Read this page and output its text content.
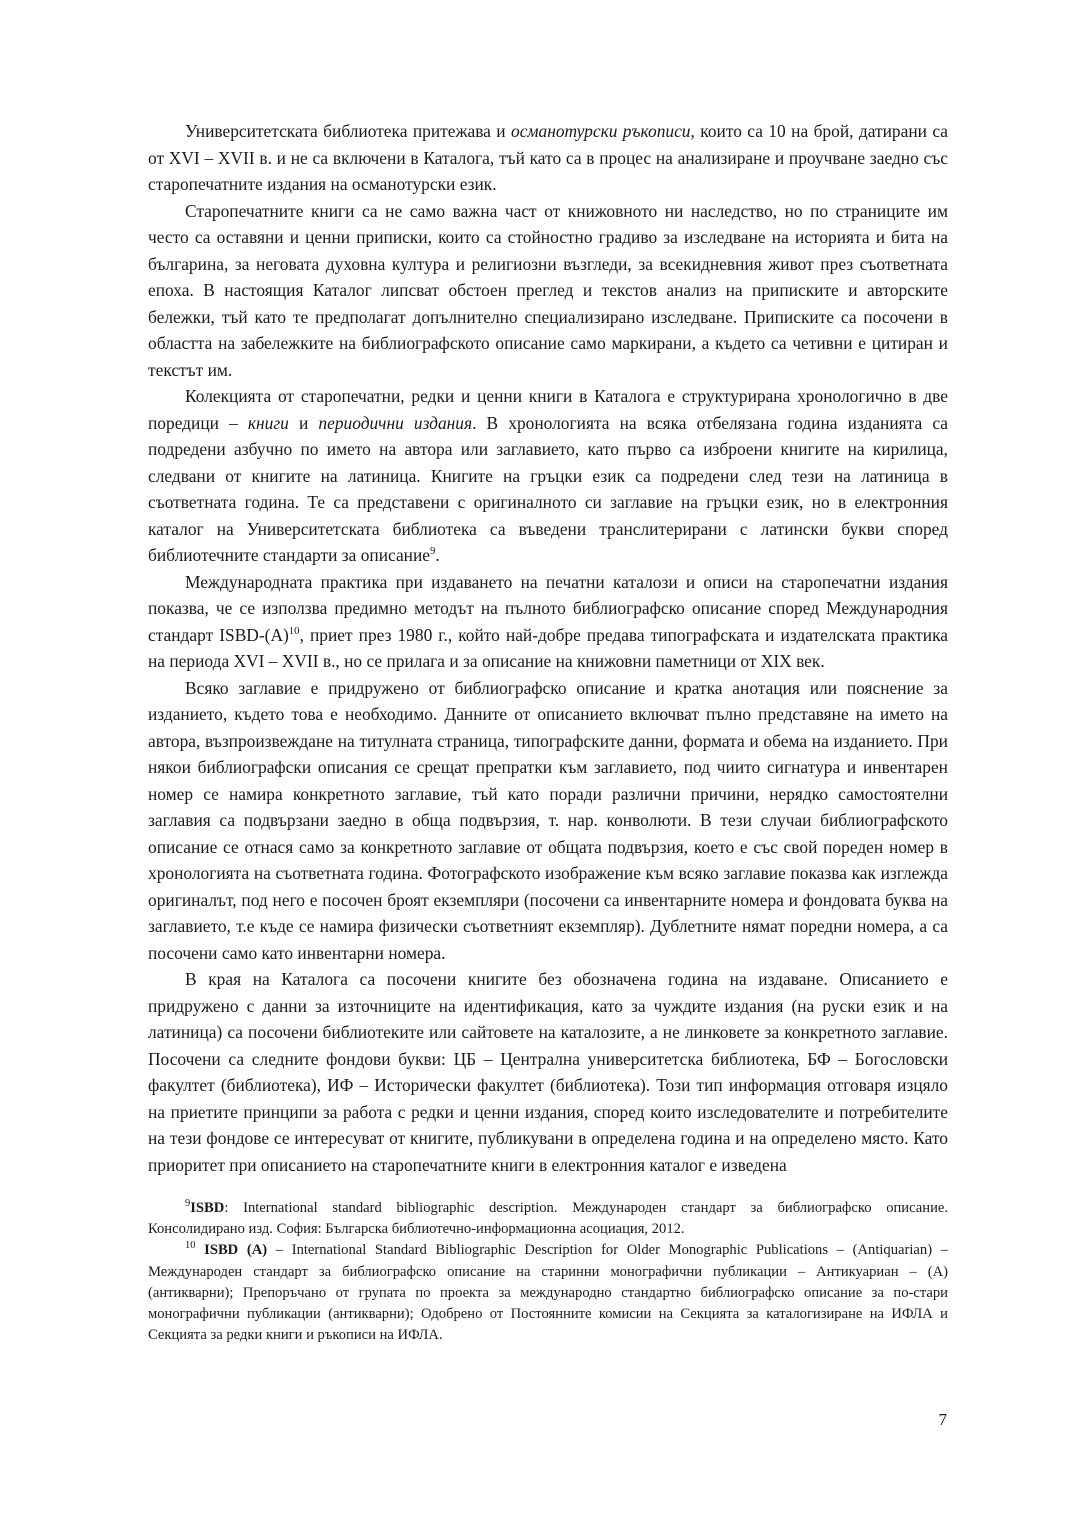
Университетската библиотека притежава и османотурски ръкописи, които са 10 на брой, датирани са от XVI – XVII в. и не са включени в Каталога, тъй като са в процес на анализиране и проучване заедно със старопечатните издания на османотурски език.

Старопечатните книги са не само важна част от книжовното ни наследство, но по страниците им често са оставяни и ценни приписки, които са стойностно градиво за изследване на историята и бита на българина, за неговата духовна култура и религиозни възгледи, за всекидневния живот през съответната епоха. В настоящия Каталог липсват обстоен преглед и текстов анализ на приписките и авторските бележки, тъй като те предполагат допълнително специализирано изследване. Приписките са посочени в областта на забележките на библиографското описание само маркирани, а където са четивни е цитиран и текстът им.

Колекцията от старопечатни, редки и ценни книги в Каталога е структурирана хронологично в две поредици – книги и периодични издания. В хронологията на всяка отбелязана година изданията са подредени азбучно по името на автора или заглавието, като първо са изброени книгите на кирилица, следвани от книгите на латиница. Книгите на гръцки език са подредени след тези на латиница в съответната година. Те са представени с оригиналното си заглавие на гръцки език, но в електронния каталог на Университетската библиотека са въведени транслитерирани с латински букви според библиотечните стандарти за описание$^9$.

Международната практика при издаването на печатни каталози и описи на старопечатни издания показва, че се използва предимно методът на пълното библиографско описание според Международния стандарт ISBD-$(А)^{10}$, приет през 1980 г., който най-добре предава типографската и издателската практика на периода XVI – XVII в., но се прилага и за описание на книжовни паметници от XIX век.

Всяко заглавие е придружено от библиографско описание и кратка анотация или пояснение за изданието, където това е необходимо. Данните от описанието включват пълно представяне на името на автора, възпроизвеждане на титулната страница, типографските данни, формата и обема на изданието. При някои библиографски описания се срещат препратки към заглавието, под чиито сигнатура и инвентарен номер се намира конкретното заглавие, тъй като поради различни причини, нерядко самостоятелни заглавия са подвързани заедно в обща подвързия, т. нар. конволюти. В тези случаи библиографското описание се отнася само за конкретното заглавие от общата подвързия, което е със свой пореден номер в хронологията на съответната година. Фотографското изображение към всяко заглавие показва как изглежда оригиналът, под него е посочен броят екземпляри (посочени са инвентарните номера и фондовата буква на заглавието, т.е къде се намира физически съответният екземпляр). Дублетните нямат поредни номера, а са посочени само като инвентарни номера.

В края на Каталога са посочени книгите без обозначена година на издаване. Описанието е придружено с данни за източниците на идентификация, като за чуждите издания (на руски език и на латиница) са посочени библиотеките или сайтовете на каталозите, а не линковете за конкретното заглавие. Посочени са следните фондови букви: ЦБ – Централна университетска библиотека, БФ – Богословски факултет (библиотека), ИФ – Исторически факултет (библиотека). Този тип информация отговаря изцяло на приетите принципи за работа с редки и ценни издания, според които изследователите и потребителите на тези фондове се интересуват от книгите, публикувани в определена година и на определено място. Като приоритет при описанието на старопечатните книги в електронния каталог е изведена

$^9$ISBD: International standard bibliographic description. Международен стандарт за библиографско описание. Консолидирано изд. София: Българска библиотечно-информационна асоциация, 2012.

$^{10}$ ISBD (A) – International Standard Bibliographic Description for Older Monographic Publications – (Antiquarian) – Международен стандарт за библиографско описание на старинни монографични публикации – Антикуариан – (А) (антикварни); Препоръчано от групата по проекта за международно стандартно библиографско описание за по-стари монографични публикации (антикварни); Одобрено от Постоянните комисии на Секцията за каталогизиране на ИФЛА и Секцията за редки книги и ръкописи на ИФЛА.

7
